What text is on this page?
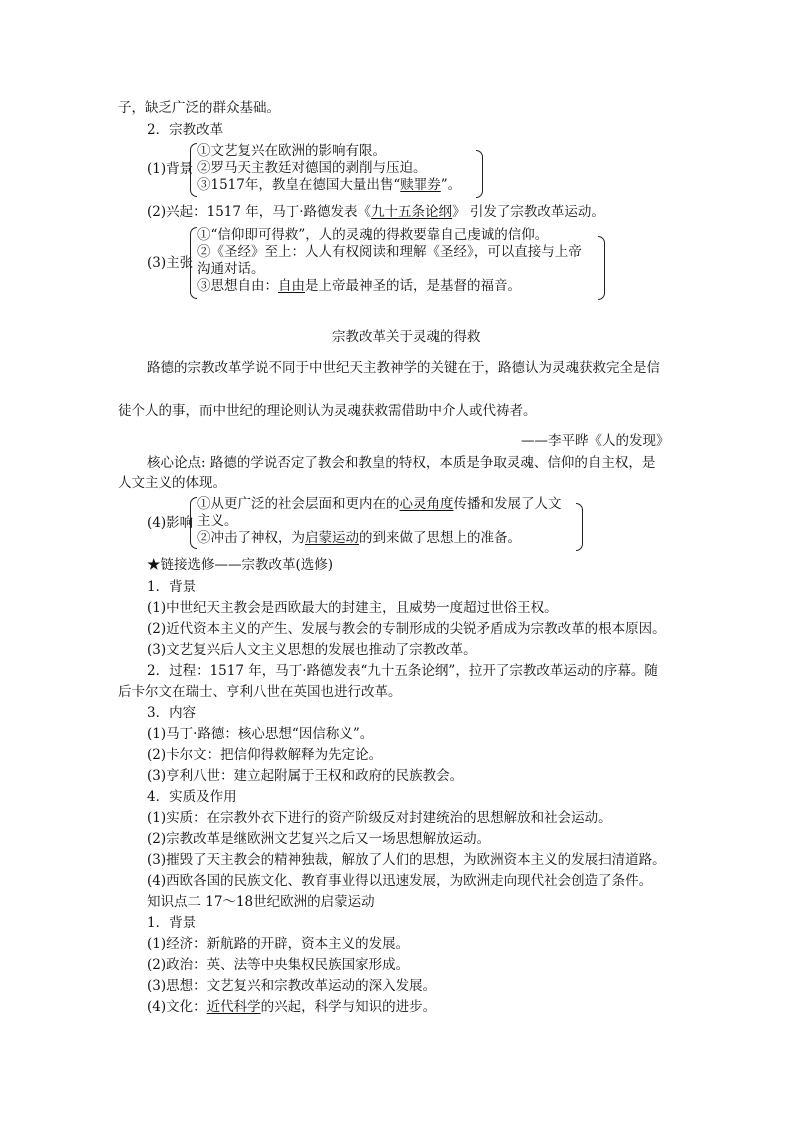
子，缺乏广泛的群众基础。
2．宗教改革
(1)背景
①文艺复兴在欧洲的影响有限。
②罗马天主教廷对德国的剥削与压迫。
③1517年，教皇在德国大量出售“赎罪券”。
(2)兴起：1517 年，马丁·路德发表《九十五条论纲》 引发了宗教改革运动。
(3)主张
①“信仰即可得救”，人的灵魂的得救要靠自己虔诚的信仰。
②《圣经》至上：人人有权阅读和理解《圣经》，可以直接与上帝
沟通对话。
③思想自由：自由是上帝最神圣的话，是基督的福音。
宗教改革关于灵魂的得救
路德的宗教改革学说不同于中世纪天主教神学的关键在于，路德认为灵魂获救完全是信
徒个人的事，而中世纪的理论则认为灵魂获救需借助中介人或代祷者。
——李平晔《人的发现》
核心论点: 路德的学说否定了教会和教皇的特权，本质是争取灵魂、信仰的自主权，是
人文主义的体现。
(4)影响
①从更广泛的社会层面和更内在的心灵角度传播和发展了人文
主义。
②冲击了神权，为启蒙运动的到来做了思想上的准备。
★链接选修——宗教改革(选修)
1．背景
(1)中世纪天主教会是西欧最大的封建主，且威势一度超过世俗王权。
(2)近代资本主义的产生、发展与教会的专制形成的尖锐矛盾成为宗教改革的根本原因。
(3)文艺复兴后人文主义思想的发展也推动了宗教改革。
2．过程：1517 年，马丁·路德发表“九十五条论纲”，拉开了宗教改革运动的序幕。随
后卡尔文在瑞士、亨利八世在英国也进行改革。
3．内容
(1)马丁·路德：核心思想“因信称义”。
(2)卡尔文：把信仰得救解释为先定论。
(3)亨利八世：建立起附属于王权和政府的民族教会。
4．实质及作用
(1)实质：在宗教外衣下进行的资产阶级反对封建统治的思想解放和社会运动。
(2)宗教改革是继欧洲文艺复兴之后又一场思想解放运动。
(3)摧毁了天主教会的精神独裁，解放了人们的思想，为欧洲资本主义的发展扫清道路。
(4)西欧各国的民族文化、教育事业得以迅速发展，为欧洲走向现代社会创造了条件。
知识点二 17～18世纪欧洲的启蒙运动
1．背景
(1)经济：新航路的开辟，资本主义的发展。
(2)政治：英、法等中央集权民族国家形成。
(3)思想：文艺复兴和宗教改革运动的深入发展。
(4)文化：近代科学的兴起，科学与知识的进步。
